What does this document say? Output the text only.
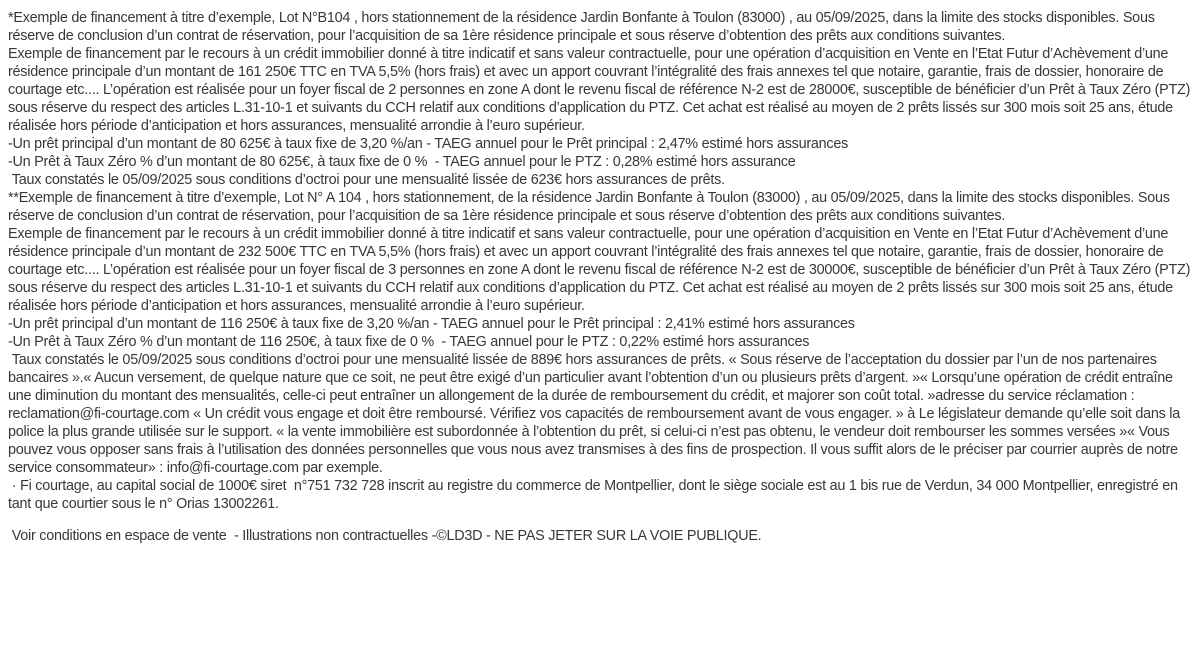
*Exemple de financement à titre d’exemple, Lot N°B104 , hors stationnement de la résidence Jardin Bonfante à Toulon (83000) , au 05/09/2025, dans la limite des stocks disponibles. Sous réserve de conclusion d’un contrat de réservation, pour l’acquisition de sa 1ère résidence principale et sous réserve d’obtention des prêts aux conditions suivantes.

Exemple de financement par le recours à un crédit immobilier donné à titre indicatif et sans valeur contractuelle, pour une opération d’acquisition en Vente en l’Etat Futur d’Achèvement d’une résidence principale d’un montant de 161 250€ TTC en TVA 5,5% (hors frais) et avec un apport couvrant l’intégralité des frais annexes tel que notaire, garantie, frais de dossier, honoraire de courtage etc.... L’opération est réalisée pour un foyer fiscal de 2 personnes en zone A dont le revenu fiscal de référence N-2 est de 28000€, susceptible de bénéficier d’un Prêt à Taux Zéro (PTZ) sous réserve du respect des articles L.31-10-1 et suivants du CCH relatif aux conditions d’application du PTZ. Cet achat est réalisé au moyen de 2 prêts lissés sur 300 mois soit 25 ans, étude réalisée hors période d’anticipation et hors assurances, mensualité arrondie à l’euro supérieur.

-Un prêt principal d’un montant de 80 625€ à taux fixe de 3,20 %/an - TAEG annuel pour le Prêt principal : 2,47% estimé hors assurances

-Un Prêt à Taux Zéro % d’un montant de 80 625€, à taux fixe de 0 %  - TAEG annuel pour le PTZ : 0,28% estimé hors assurance

Taux constatés le 05/09/2025 sous conditions d’octroi pour une mensualité lissée de 623€ hors assurances de prêts.

**Exemple de financement à titre d’exemple, Lot N° A 104 , hors stationnement, de la résidence Jardin Bonfante à Toulon (83000) , au 05/09/2025, dans la limite des stocks disponibles. Sous réserve de conclusion d’un contrat de réservation, pour l’acquisition de sa 1ère résidence principale et sous réserve d’obtention des prêts aux conditions suivantes.

Exemple de financement par le recours à un crédit immobilier donné à titre indicatif et sans valeur contractuelle, pour une opération d’acquisition en Vente en l’Etat Futur d’Achèvement d’une résidence principale d’un montant de 232 500€ TTC en TVA 5,5% (hors frais) et avec un apport couvrant l’intégralité des frais annexes tel que notaire, garantie, frais de dossier, honoraire de courtage etc.... L’opération est réalisée pour un foyer fiscal de 3 personnes en zone A dont le revenu fiscal de référence N-2 est de 30000€, susceptible de bénéficier d’un Prêt à Taux Zéro (PTZ) sous réserve du respect des articles L.31-10-1 et suivants du CCH relatif aux conditions d’application du PTZ. Cet achat est réalisé au moyen de 2 prêts lissés sur 300 mois soit 25 ans, étude réalisée hors période d’anticipation et hors assurances, mensualité arrondie à l’euro supérieur.

-Un prêt principal d’un montant de 116 250€ à taux fixe de 3,20 %/an - TAEG annuel pour le Prêt principal : 2,41% estimé hors assurances

-Un Prêt à Taux Zéro % d’un montant de 116 250€, à taux fixe de 0 %  - TAEG annuel pour le PTZ : 0,22% estimé hors assurances

Taux constatés le 05/09/2025 sous conditions d’octroi pour une mensualité lissée de 889€ hors assurances de prêts. « Sous réserve de l’acceptation du dossier par l’un de nos partenaires bancaires ».« Aucun versement, de quelque nature que ce soit, ne peut être exigé d’un particulier avant l’obtention d’un ou plusieurs prêts d’argent. »« Lorsqu’une opération de crédit entraîne une diminution du montant des mensualités, celle-ci peut entraîner un allongement de la durée de remboursement du crédit, et majorer son coût total. »adresse du service réclamation : reclamation@fi-courtage.com « Un crédit vous engage et doit être remboursé. Vérifiez vos capacités de remboursement avant de vous engager. » à Le législateur demande qu’elle soit dans la police la plus grande utilisée sur le support. « la vente immobilière est subordonnée à l’obtention du prêt, si celui-ci n’est pas obtenu, le vendeur doit rembourser les sommes versées »« Vous pouvez vous opposer sans frais à l’utilisation des données personnelles que vous nous avez transmises à des fins de prospection. Il vous suffit alors de le préciser par courrier auprès de notre service consommateur» : info@fi-courtage.com par exemple.

· Fi courtage, au capital social de 1000€ siret  n°751 732 728 inscrit au registre du commerce de Montpellier, dont le siège sociale est au 1 bis rue de Verdun, 34 000 Montpellier, enregistré en tant que courtier sous le n° Orias 13002261.

Voir conditions en espace de vente  - Illustrations non contractuelles -©LD3D - NE PAS JETER SUR LA VOIE PUBLIQUE.
